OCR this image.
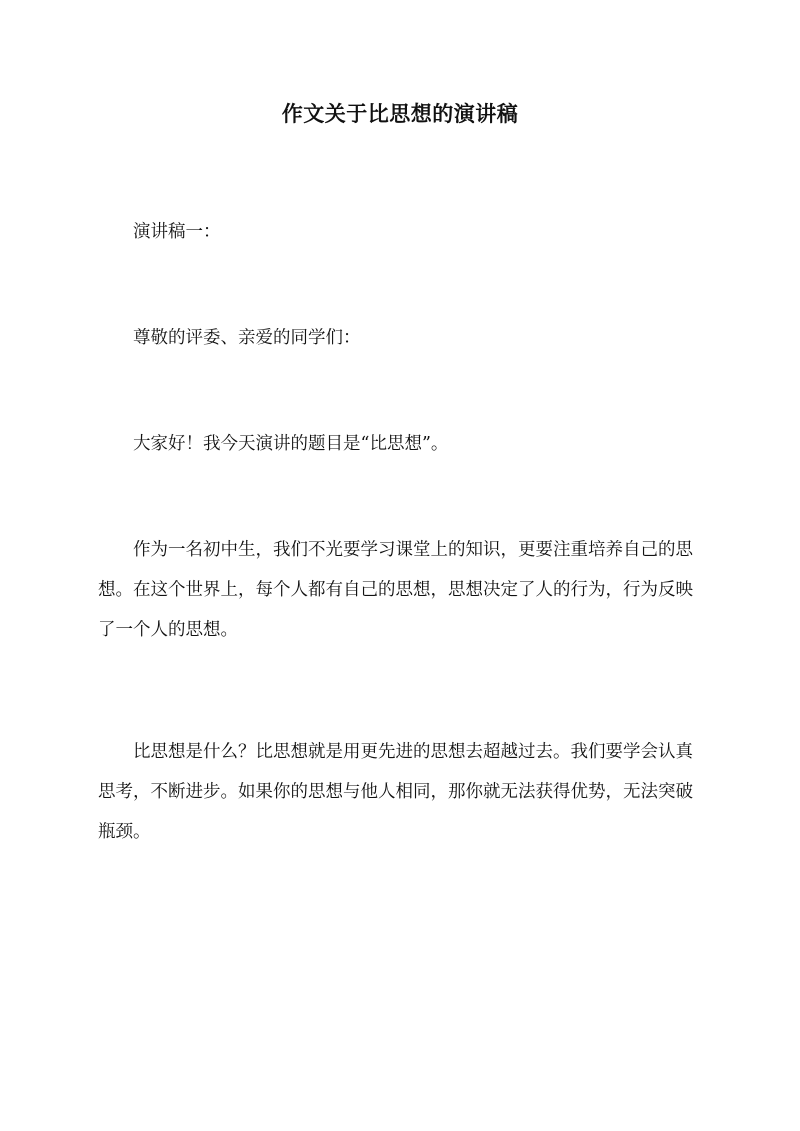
作文关于比思想的演讲稿

演讲稿一：

尊敬的评委、亲爱的同学们：

大家好！我今天演讲的题目是“比思想”。

作为一名初中生，我们不光要学习课堂上的知识，更要注重培养自己的思想。在这个世界上，每个人都有自己的思想，思想决定了人的行为，行为反映了一个人的思想。

比思想是什么？比思想就是用更先进的思想去超越过去。我们要学会认真思考，不断进步。如果你的思想与他人相同，那你就无法获得优势，无法突破瓶颈。
